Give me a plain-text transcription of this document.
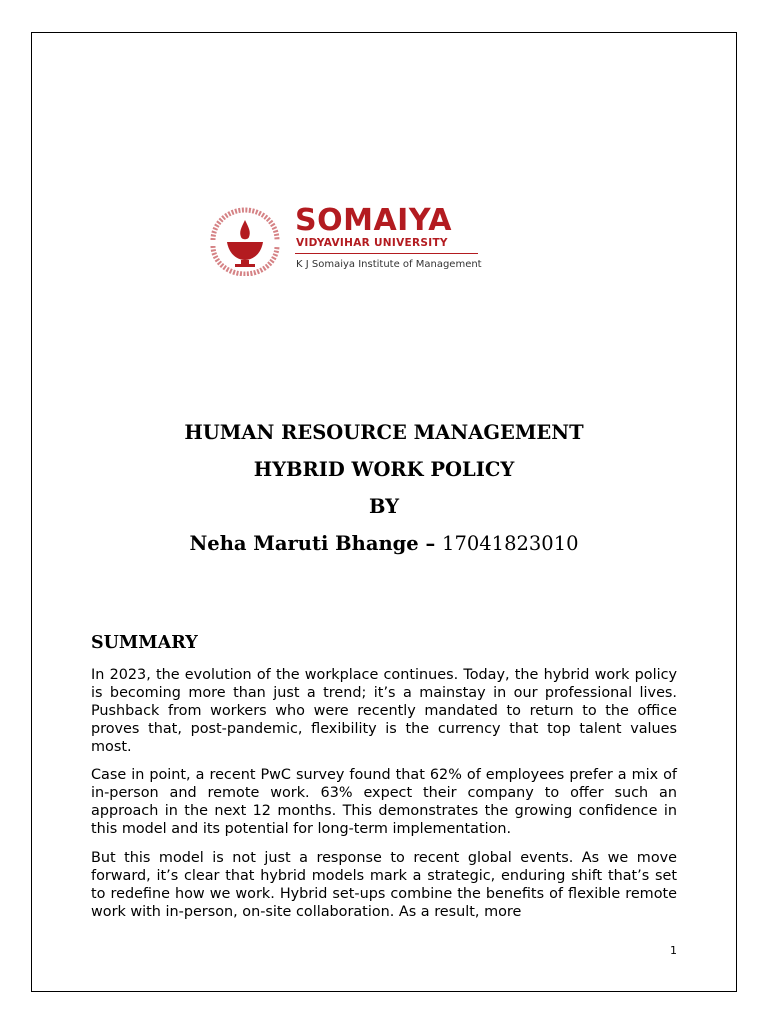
SOMAIYA
VIDYAVIHAR UNIVERSITY
K J Somaiya Institute of Management
HUMAN RESOURCE MANAGEMENT
HYBRID WORK POLICY
BY
Neha Maruti Bhange – 17041823010
SUMMARY

In 2023, the evolution of the workplace continues. Today, the hybrid work policy is becoming more than just a trend; it’s a mainstay in our professional lives. Pushback from workers who were recently mandated to return to the office proves that, post-pandemic, flexibility is the currency that top talent values most.

Case in point, a recent PwC survey found that 62% of employees prefer a mix of in-person and remote work. 63% expect their company to offer such an approach in the next 12 months. This demonstrates the growing confidence in this model and its potential for long-term implementation.

But this model is not just a response to recent global events. As we move forward, it’s clear that hybrid models mark a strategic, enduring shift that’s set to redefine how we work. Hybrid set-ups combine the benefits of flexible remote work with in-person, on-site collaboration. As a result, more

1
